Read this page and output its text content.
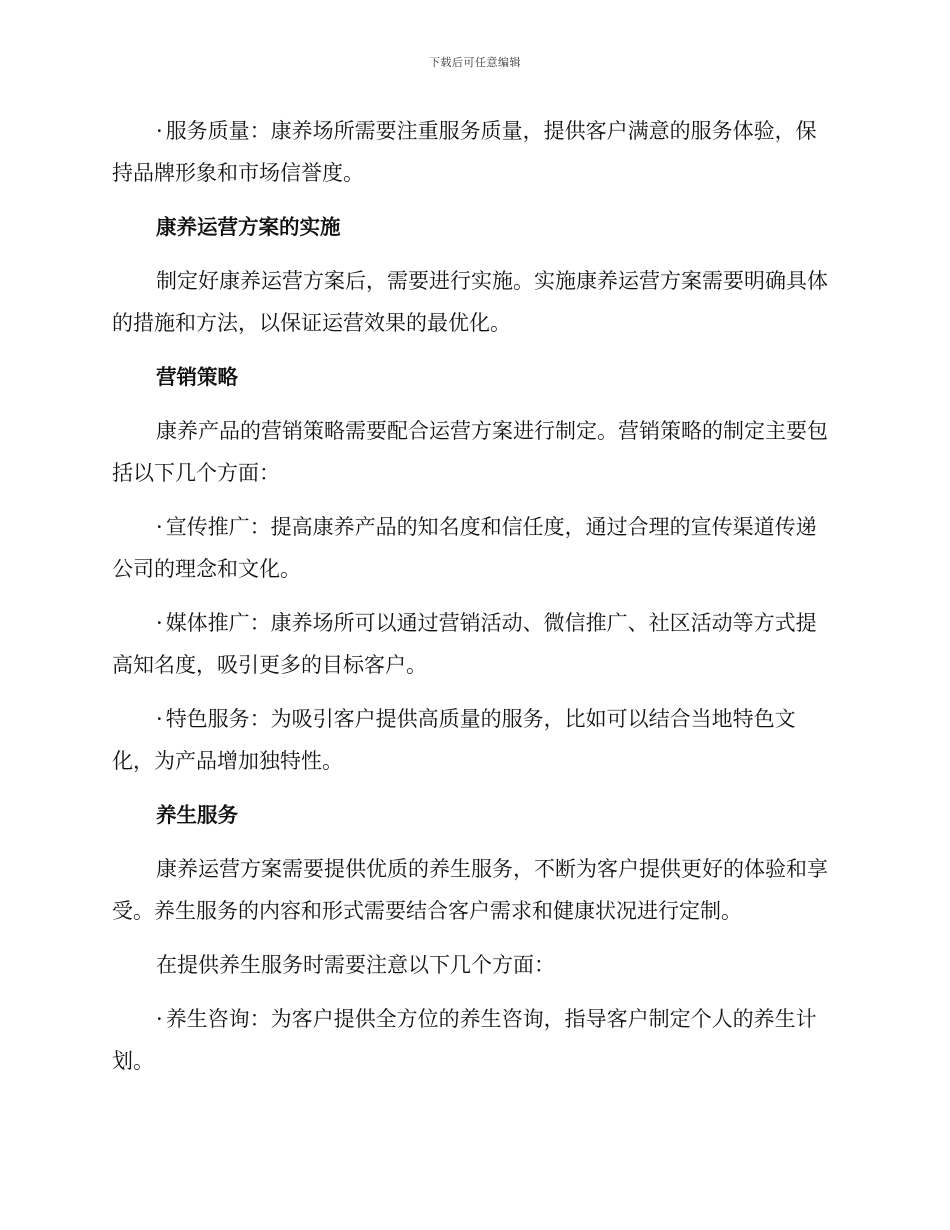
下载后可任意编辑

· 服务质量：康养场所需要注重服务质量，提供客户满意的服务体验，保持品牌形象和市场信誉度。

康养运营方案的实施

制定好康养运营方案后，需要进行实施。实施康养运营方案需要明确具体的措施和方法，以保证运营效果的最优化。

营销策略

康养产品的营销策略需要配合运营方案进行制定。营销策略的制定主要包括以下几个方面：

· 宣传推广：提高康养产品的知名度和信任度，通过合理的宣传渠道传递公司的理念和文化。

· 媒体推广：康养场所可以通过营销活动、微信推广、社区活动等方式提高知名度，吸引更多的目标客户。

· 特色服务：为吸引客户提供高质量的服务，比如可以结合当地特色文化，为产品增加独特性。

养生服务

康养运营方案需要提供优质的养生服务，不断为客户提供更好的体验和享受。养生服务的内容和形式需要结合客户需求和健康状况进行定制。

在提供养生服务时需要注意以下几个方面：

· 养生咨询：为客户提供全方位的养生咨询，指导客户制定个人的养生计划。
